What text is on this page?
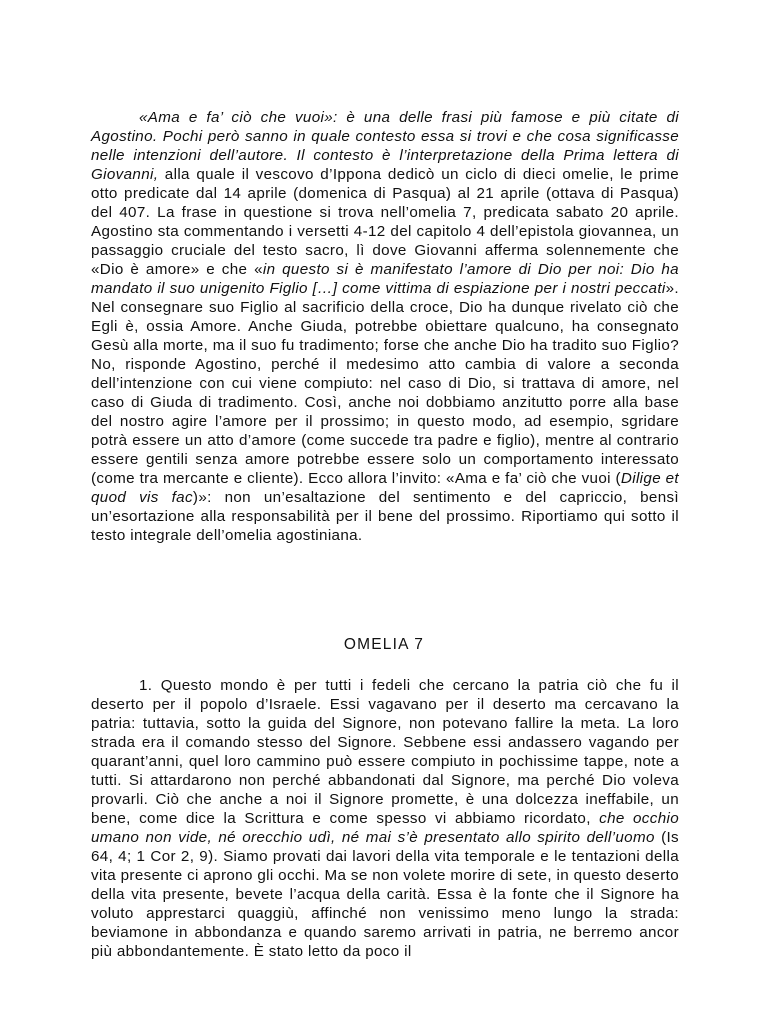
«Ama e fa’ ciò che vuoi»: è una delle frasi più famose e più citate di Agostino. Pochi però sanno in quale contesto essa si trovi e che cosa significasse nelle intenzioni dell’autore. Il contesto è l’interpretazione della Prima lettera di Giovanni, alla quale il vescovo d’Ippona dedicò un ciclo di dieci omelie, le prime otto predicate dal 14 aprile (domenica di Pasqua) al 21 aprile (ottava di Pasqua) del 407. La frase in questione si trova nell’omelia 7, predicata sabato 20 aprile. Agostino sta commentando i versetti 4-12 del capitolo 4 dell’epistola giovannea, un passaggio cruciale del testo sacro, lì dove Giovanni afferma solennemente che «Dio è amore» e che «in questo si è manifestato l’amore di Dio per noi: Dio ha mandato il suo unigenito Figlio […] come vittima di espiazione per i nostri peccati». Nel consegnare suo Figlio al sacrificio della croce, Dio ha dunque rivelato ciò che Egli è, ossia Amore. Anche Giuda, potrebbe obiettare qualcuno, ha consegnato Gesù alla morte, ma il suo fu tradimento; forse che anche Dio ha tradito suo Figlio? No, risponde Agostino, perché il medesimo atto cambia di valore a seconda dell’intenzione con cui viene compiuto: nel caso di Dio, si trattava di amore, nel caso di Giuda di tradimento. Così, anche noi dobbiamo anzitutto porre alla base del nostro agire l’amore per il prossimo; in questo modo, ad esempio, sgridare potrà essere un atto d’amore (come succede tra padre e figlio), mentre al contrario essere gentili senza amore potrebbe essere solo un comportamento interessato (come tra mercante e cliente). Ecco allora l’invito: «Ama e fa’ ciò che vuoi (Dilige et quod vis fac)»: non un’esaltazione del sentimento e del capriccio, bensì un’esortazione alla responsabilità per il bene del prossimo. Riportiamo qui sotto il testo integrale dell’omelia agostiniana.

OMELIA 7

1. Questo mondo è per tutti i fedeli che cercano la patria ciò che fu il deserto per il popolo d’Israele. Essi vagavano per il deserto ma cercavano la patria: tuttavia, sotto la guida del Signore, non potevano fallire la meta. La loro strada era il comando stesso del Signore. Sebbene essi andassero vagando per quarant’anni, quel loro cammino può essere compiuto in pochissime tappe, note a tutti. Si attardarono non perché abbandonati dal Signore, ma perché Dio voleva provarli. Ciò che anche a noi il Signore promette, è una dolcezza ineffabile, un bene, come dice la Scrittura e come spesso vi abbiamo ricordato, che occhio umano non vide, né orecchio udì, né mai s’è presentato allo spirito dell’uomo (Is 64, 4; 1 Cor 2, 9). Siamo provati dai lavori della vita temporale e le tentazioni della vita presente ci aprono gli occhi. Ma se non volete morire di sete, in questo deserto della vita presente, bevete l’acqua della carità. Essa è la fonte che il Signore ha voluto apprestarci quaggiù, affinché non venissimo meno lungo la strada: beviamone in abbondanza e quando saremo arrivati in patria, ne berremo ancor più abbondantemente. È stato letto da poco il
